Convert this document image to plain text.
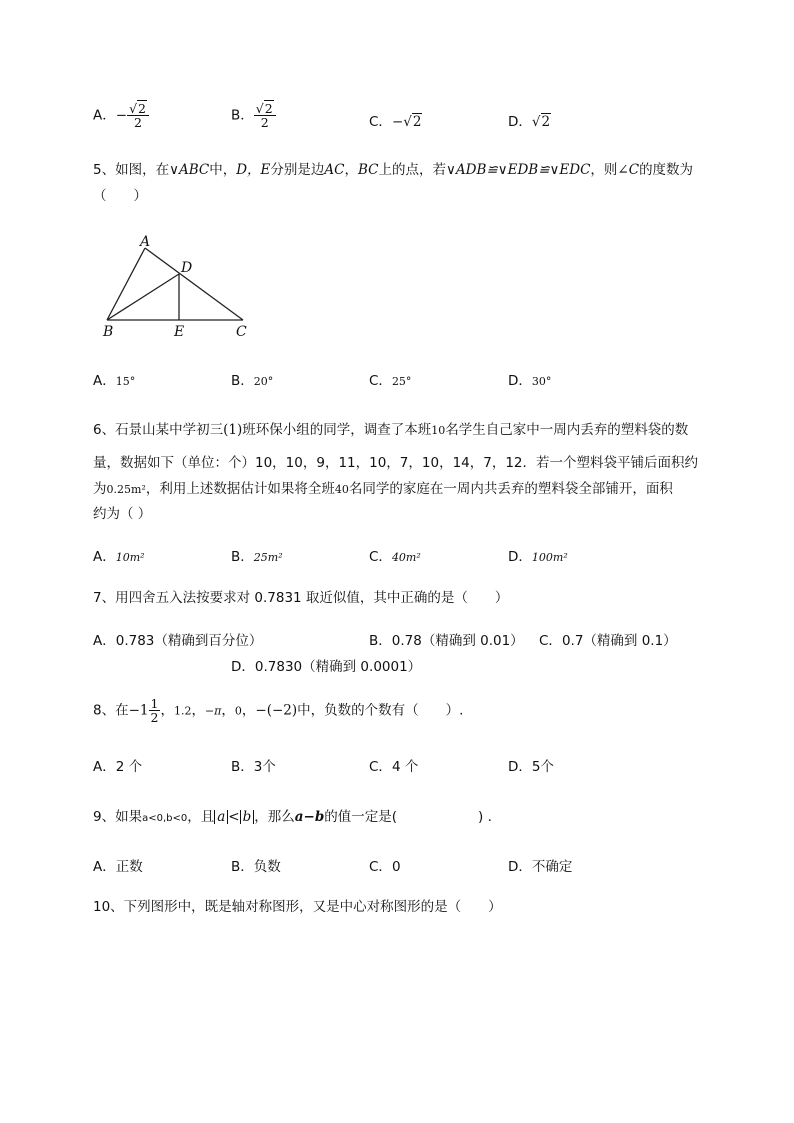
A．− $\frac{√2}{2}$	B． $\frac{√2}{2}$	C．−√2	D．√2
5、如图，在∨ABC中，D，E分别是边AC，BC上的点，若∨ADB≌∨EDB≌∨EDC，则∠C的度数为
（　　）
A
D
B	E	C
A．15°	B．20°	C．25°	D．30°
6、石景山某中学初三(1)班环保小组的同学，调查了本班10名学生自己家中一周内丢弃的塑料袋的数
量，数据如下（单位：个）10，10，9，11，10，7，10，14，7，12．若一个塑料袋平铺后面积约
为0.25m²，利用上述数据估计如果将全班40名同学的家庭在一周内共丢弃的塑料袋全部铺开，面积
约为（ ）
A．10m²	B．25m²	C．40m²	D．100m²
7、用四舍五入法按要求对 0.7831 取近似值，其中正确的是（　　）
A．0.783（精确到百分位）	B．0.78（精确到 0.01） C．0.7（精确到 0.1）
D．0.7830（精确到 0.0001）
8、在$-1 \frac{1}{2}$ ，1.2，−π，0，−(−2)中，负数的个数有（　　）.
A．2 个	B．3个	C．4 个	D．5个
9、如果a<0,b<0，且 a < b ，那么a−b的值一定是(　　　　　　) .
A．正数	B．负数	C．0	D．不确定
10、下列图形中，既是轴对称图形，又是中心对称图形的是（　　）
